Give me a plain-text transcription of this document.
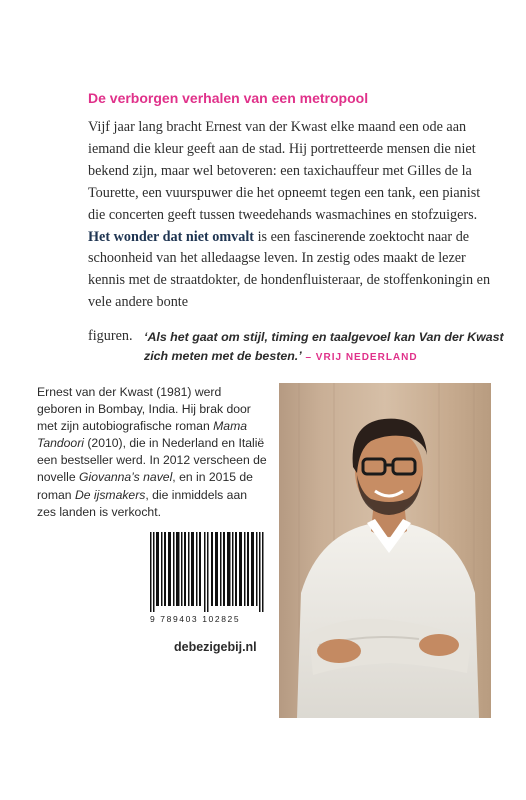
De verborgen verhalen van een metropool
Vijf jaar lang bracht Ernest van der Kwast elke maand een ode aan iemand die kleur geeft aan de stad. Hij portretteerde mensen die niet bekend zijn, maar wel betoveren: een taxichauffeur met Gilles de la Tourette, een vuurspuwer die het opneemt tegen een tank, een pianist die concerten geeft tussen tweedehands wasmachines en stofzuigers. Het wonder dat niet omvalt is een fascinerende zoektocht naar de schoonheid van het alledaagse leven. In zestig odes maakt de lezer kennis met de straatdokter, de hondenfluisteraar, de stoffenkoningin en vele andere bonte
figuren. ‘Als het gaat om stijl, timing en taalgevoel kan Van der Kwast zich meten met de besten.’ – VRIJ NEDERLAND
Ernest van der Kwast (1981) werd geboren in Bombay, India. Hij brak door met zijn autobiografische roman Mama Tandoori (2010), die in Nederland en Italië een bestseller werd. In 2012 verscheen de novelle Giovanna’s navel, en in 2015 de roman De ijsmakers, die inmiddels aan zes landen is verkocht.
9 789403 102825
debezigebij.nl
